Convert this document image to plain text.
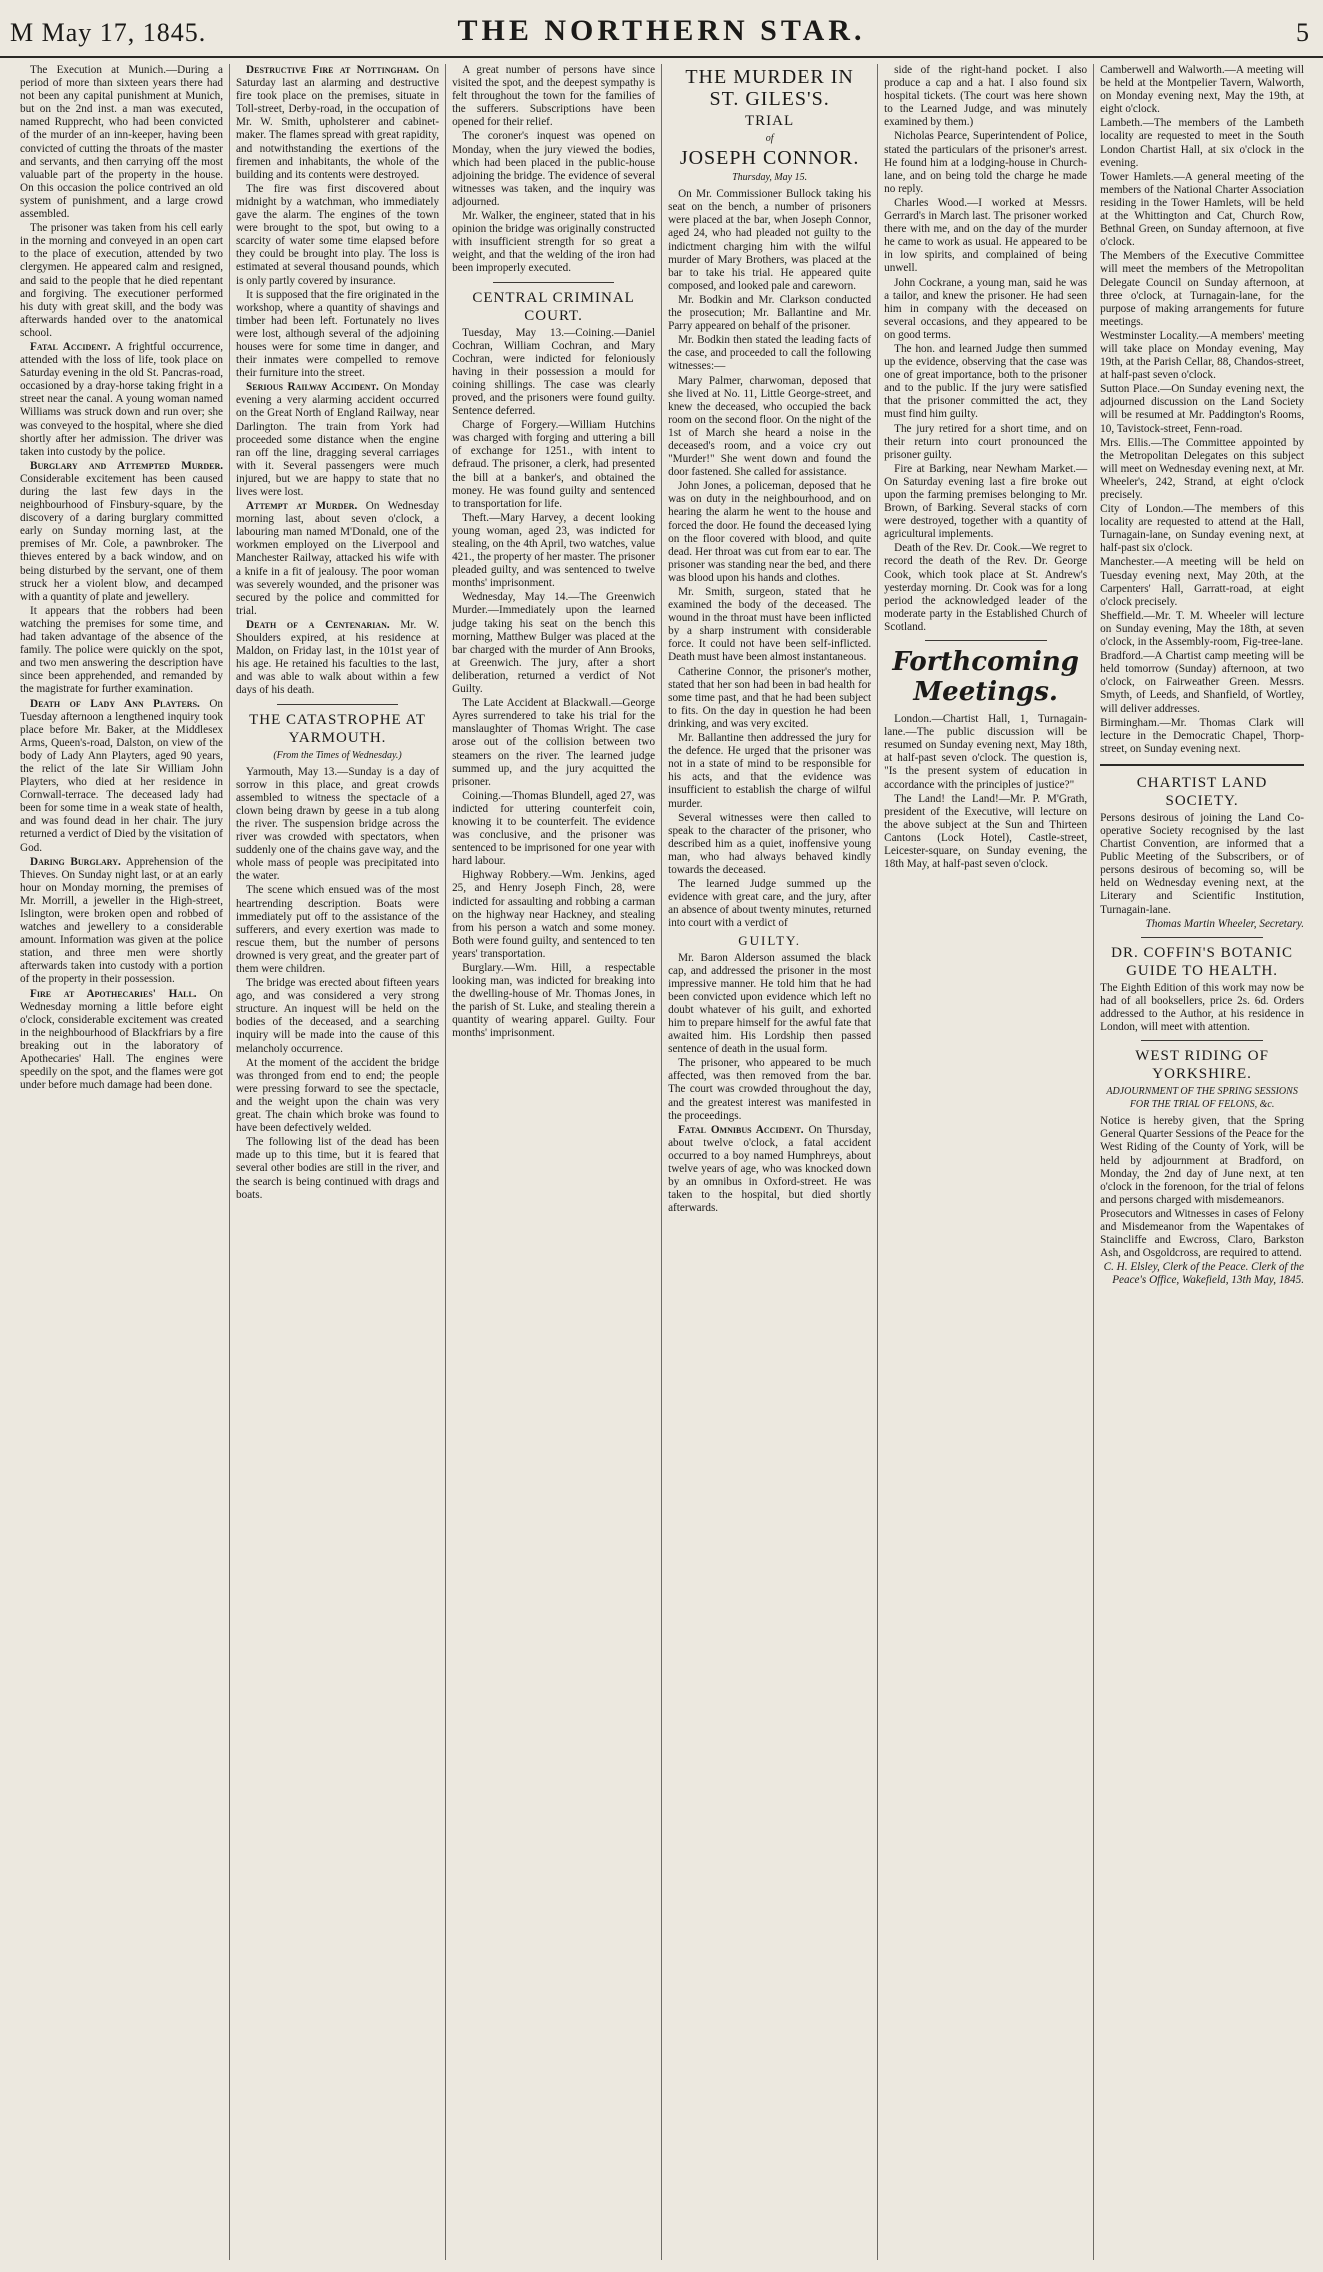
M May 17, 1845.	THE NORTHERN STAR.	5

The Execution at Munich.—During a period of more than sixteen years there had not been any capital punishment at Munich, but on the 2nd inst. a man was executed, named Rupprecht, who had been convicted of the murder of an inn-keeper, having been convicted of cutting the throats of the master and servants, and then carrying off the most valuable part of the property in the house. On this occasion the police contrived an old system of punishment, and a large crowd assembled.

The prisoner was taken from his cell early in the morning and conveyed in an open cart to the place of execution, attended by two clergymen. He appeared calm and resigned, and said to the people that he died repentant and forgiving. The executioner performed his duty with great skill, and the body was afterwards handed over to the anatomical school.

Fatal Accident. A frightful occurrence, attended with the loss of life, took place on Saturday evening in the old St. Pancras-road, occasioned by a dray-horse taking fright in a street near the canal. A young woman named Williams was struck down and run over; she was conveyed to the hospital, where she died shortly after her admission. The driver was taken into custody by the police.

Burglary and Attempted Murder. Considerable excitement has been caused during the last few days in the neighbourhood of Finsbury-square, by the discovery of a daring burglary committed early on Sunday morning last, at the premises of Mr. Cole, a pawnbroker. The thieves entered by a back window, and on being disturbed by the servant, one of them struck her a violent blow, and decamped with a quantity of plate and jewellery.

It appears that the robbers had been watching the premises for some time, and had taken advantage of the absence of the family. The police were quickly on the spot, and two men answering the description have since been apprehended, and remanded by the magistrate for further examination.

Death of Lady Ann Playters. On Tuesday afternoon a lengthened inquiry took place before Mr. Baker, at the Middlesex Arms, Queen's-road, Dalston, on view of the body of Lady Ann Playters, aged 90 years, the relict of the late Sir William John Playters, who died at her residence in Cornwall-terrace. The deceased lady had been for some time in a weak state of health, and was found dead in her chair. The jury returned a verdict of Died by the visitation of God.

Daring Burglary. Apprehension of the Thieves. On Sunday night last, or at an early hour on Monday morning, the premises of Mr. Morrill, a jeweller in the High-street, Islington, were broken open and robbed of watches and jewellery to a considerable amount. Information was given at the police station, and three men were shortly afterwards taken into custody with a portion of the property in their possession.

Fire at Apothecaries' Hall. On Wednesday morning a little before eight o'clock, considerable excitement was created in the neighbourhood of Blackfriars by a fire breaking out in the laboratory of Apothecaries' Hall. The engines were speedily on the spot, and the flames were got under before much damage had been done.

Destructive Fire at Nottingham. On Saturday last an alarming and destructive fire took place on the premises, situate in Toll-street, Derby-road, in the occupation of Mr. W. Smith, upholsterer and cabinet-maker. The flames spread with great rapidity, and notwithstanding the exertions of the firemen and inhabitants, the whole of the building and its contents were destroyed.

The fire was first discovered about midnight by a watchman, who immediately gave the alarm. The engines of the town were brought to the spot, but owing to a scarcity of water some time elapsed before they could be brought into play. The loss is estimated at several thousand pounds, which is only partly covered by insurance.

It is supposed that the fire originated in the workshop, where a quantity of shavings and timber had been left. Fortunately no lives were lost, although several of the adjoining houses were for some time in danger, and their inmates were compelled to remove their furniture into the street.

Serious Railway Accident. On Monday evening a very alarming accident occurred on the Great North of England Railway, near Darlington. The train from York had proceeded some distance when the engine ran off the line, dragging several carriages with it. Several passengers were much injured, but we are happy to state that no lives were lost.

Attempt at Murder. On Wednesday morning last, about seven o'clock, a labouring man named M'Donald, one of the workmen employed on the Liverpool and Manchester Railway, attacked his wife with a knife in a fit of jealousy. The poor woman was severely wounded, and the prisoner was secured by the police and committed for trial.

Death of a Centenarian. Mr. W. Shoulders expired, at his residence at Maldon, on Friday last, in the 101st year of his age. He retained his faculties to the last, and was able to walk about within a few days of his death.

THE CATASTROPHE AT YARMOUTH.
(From the Times of Wednesday.)

Yarmouth, May 13.—Sunday is a day of sorrow in this place, and great crowds assembled to witness the spectacle of a clown being drawn by geese in a tub along the river. The suspension bridge across the river was crowded with spectators, when suddenly one of the chains gave way, and the whole mass of people was precipitated into the water.

The scene which ensued was of the most heartrending description. Boats were immediately put off to the assistance of the sufferers, and every exertion was made to rescue them, but the number of persons drowned is very great, and the greater part of them were children.

The bridge was erected about fifteen years ago, and was considered a very strong structure. An inquest will be held on the bodies of the deceased, and a searching inquiry will be made into the cause of this melancholy occurrence.

At the moment of the accident the bridge was thronged from end to end; the people were pressing forward to see the spectacle, and the weight upon the chain was very great. The chain which broke was found to have been defectively welded.

The following list of the dead has been made up to this time, but it is feared that several other bodies are still in the river, and the search is being continued with drags and boats.

A great number of persons have since visited the spot, and the deepest sympathy is felt throughout the town for the families of the sufferers. Subscriptions have been opened for their relief.

The coroner's inquest was opened on Monday, when the jury viewed the bodies, which had been placed in the public-house adjoining the bridge. The evidence of several witnesses was taken, and the inquiry was adjourned.

Mr. Walker, the engineer, stated that in his opinion the bridge was originally constructed with insufficient strength for so great a weight, and that the welding of the iron had been improperly executed.

CENTRAL CRIMINAL COURT.

Tuesday, May 13.—Coining.—Daniel Cochran, William Cochran, and Mary Cochran, were indicted for feloniously having in their possession a mould for coining shillings. The case was clearly proved, and the prisoners were found guilty. Sentence deferred.

Charge of Forgery.—William Hutchins was charged with forging and uttering a bill of exchange for 1251., with intent to defraud. The prisoner, a clerk, had presented the bill at a banker's, and obtained the money. He was found guilty and sentenced to transportation for life.

Theft.—Mary Harvey, a decent looking young woman, aged 23, was indicted for stealing, on the 4th April, two watches, value 421., the property of her master. The prisoner pleaded guilty, and was sentenced to twelve months' imprisonment.

Wednesday, May 14.—The Greenwich Murder.—Immediately upon the learned judge taking his seat on the bench this morning, Matthew Bulger was placed at the bar charged with the murder of Ann Brooks, at Greenwich. The jury, after a short deliberation, returned a verdict of Not Guilty.

The Late Accident at Blackwall.—George Ayres surrendered to take his trial for the manslaughter of Thomas Wright. The case arose out of the collision between two steamers on the river. The learned judge summed up, and the jury acquitted the prisoner.

Coining.—Thomas Blundell, aged 27, was indicted for uttering counterfeit coin, knowing it to be counterfeit. The evidence was conclusive, and the prisoner was sentenced to be imprisoned for one year with hard labour.

Highway Robbery.—Wm. Jenkins, aged 25, and Henry Joseph Finch, 28, were indicted for assaulting and robbing a carman on the highway near Hackney, and stealing from his person a watch and some money. Both were found guilty, and sentenced to ten years' transportation.

Burglary.—Wm. Hill, a respectable looking man, was indicted for breaking into the dwelling-house of Mr. Thomas Jones, in the parish of St. Luke, and stealing therein a quantity of wearing apparel. Guilty. Four months' imprisonment.

THE MURDER IN ST. GILES'S.
TRIAL
of
JOSEPH CONNOR.
Thursday, May 15.

On Mr. Commissioner Bullock taking his seat on the bench, a number of prisoners were placed at the bar, when Joseph Connor, aged 24, who had pleaded not guilty to the indictment charging him with the wilful murder of Mary Brothers, was placed at the bar to take his trial. He appeared quite composed, and looked pale and careworn.

Mr. Bodkin and Mr. Clarkson conducted the prosecution; Mr. Ballantine and Mr. Parry appeared on behalf of the prisoner.

Mr. Bodkin then stated the leading facts of the case, and proceeded to call the following witnesses:—

Mary Palmer, charwoman, deposed that she lived at No. 11, Little George-street, and knew the deceased, who occupied the back room on the second floor. On the night of the 1st of March she heard a noise in the deceased's room, and a voice cry out "Murder!" She went down and found the door fastened. She called for assistance.

John Jones, a policeman, deposed that he was on duty in the neighbourhood, and on hearing the alarm he went to the house and forced the door. He found the deceased lying on the floor covered with blood, and quite dead. Her throat was cut from ear to ear. The prisoner was standing near the bed, and there was blood upon his hands and clothes.

Mr. Smith, surgeon, stated that he examined the body of the deceased. The wound in the throat must have been inflicted by a sharp instrument with considerable force. It could not have been self-inflicted. Death must have been almost instantaneous.

Catherine Connor, the prisoner's mother, stated that her son had been in bad health for some time past, and that he had been subject to fits. On the day in question he had been drinking, and was very excited.

Mr. Ballantine then addressed the jury for the defence. He urged that the prisoner was not in a state of mind to be responsible for his acts, and that the evidence was insufficient to establish the charge of wilful murder.

Several witnesses were then called to speak to the character of the prisoner, who described him as a quiet, inoffensive young man, who had always behaved kindly towards the deceased.

The learned Judge summed up the evidence with great care, and the jury, after an absence of about twenty minutes, returned into court with a verdict of

GUILTY.

Mr. Baron Alderson assumed the black cap, and addressed the prisoner in the most impressive manner. He told him that he had been convicted upon evidence which left no doubt whatever of his guilt, and exhorted him to prepare himself for the awful fate that awaited him. His Lordship then passed sentence of death in the usual form.

The prisoner, who appeared to be much affected, was then removed from the bar. The court was crowded throughout the day, and the greatest interest was manifested in the proceedings.

Fatal Omnibus Accident. On Thursday, about twelve o'clock, a fatal accident occurred to a boy named Humphreys, about twelve years of age, who was knocked down by an omnibus in Oxford-street. He was taken to the hospital, but died shortly afterwards.

side of the right-hand pocket. I also produce a cap and a hat. I also found six hospital tickets. (The court was here shown to the Learned Judge, and was minutely examined by them.)

Nicholas Pearce, Superintendent of Police, stated the particulars of the prisoner's arrest. He found him at a lodging-house in Church-lane, and on being told the charge he made no reply.

Charles Wood.—I worked at Messrs. Gerrard's in March last. The prisoner worked there with me, and on the day of the murder he came to work as usual. He appeared to be in low spirits, and complained of being unwell.

John Cockrane, a young man, said he was a tailor, and knew the prisoner. He had seen him in company with the deceased on several occasions, and they appeared to be on good terms.

The hon. and learned Judge then summed up the evidence, observing that the case was one of great importance, both to the prisoner and to the public. If the jury were satisfied that the prisoner committed the act, they must find him guilty.

The jury retired for a short time, and on their return into court pronounced the prisoner guilty.

Fire at Barking, near Newham Market.—On Saturday evening last a fire broke out upon the farming premises belonging to Mr. Brown, of Barking. Several stacks of corn were destroyed, together with a quantity of agricultural implements.

Death of the Rev. Dr. Cook.—We regret to record the death of the Rev. Dr. George Cook, which took place at St. Andrew's yesterday morning. Dr. Cook was for a long period the acknowledged leader of the moderate party in the Established Church of Scotland.

Forthcoming Meetings.

London.—Chartist Hall, 1, Turnagain-lane.—The public discussion will be resumed on Sunday evening next, May 18th, at half-past seven o'clock. The question is, "Is the present system of education in accordance with the principles of justice?"

The Land! the Land!—Mr. P. M'Grath, president of the Executive, will lecture on the above subject at the Sun and Thirteen Cantons (Lock Hotel), Castle-street, Leicester-square, on Sunday evening, the 18th May, at half-past seven o'clock.

Camberwell and Walworth.—A meeting will be held at the Montpelier Tavern, Walworth, on Monday evening next, May the 19th, at eight o'clock.

Lambeth.—The members of the Lambeth locality are requested to meet in the South London Chartist Hall, at six o'clock in the evening.

Tower Hamlets.—A general meeting of the members of the National Charter Association residing in the Tower Hamlets, will be held at the Whittington and Cat, Church Row, Bethnal Green, on Sunday afternoon, at five o'clock.

The Members of the Executive Committee will meet the members of the Metropolitan Delegate Council on Sunday afternoon, at three o'clock, at Turnagain-lane, for the purpose of making arrangements for future meetings.

Westminster Locality.—A members' meeting will take place on Monday evening, May 19th, at the Parish Cellar, 88, Chandos-street, at half-past seven o'clock.

Sutton Place.—On Sunday evening next, the adjourned discussion on the Land Society will be resumed at Mr. Paddington's Rooms, 10, Tavistock-street, Fenn-road.

Mrs. Ellis.—The Committee appointed by the Metropolitan Delegates on this subject will meet on Wednesday evening next, at Mr. Wheeler's, 242, Strand, at eight o'clock precisely.

City of London.—The members of this locality are requested to attend at the Hall, Turnagain-lane, on Sunday evening next, at half-past six o'clock.

Manchester.—A meeting will be held on Tuesday evening next, May 20th, at the Carpenters' Hall, Garratt-road, at eight o'clock precisely.

Sheffield.—Mr. T. M. Wheeler will lecture on Sunday evening, May the 18th, at seven o'clock, in the Assembly-room, Fig-tree-lane.

Bradford.—A Chartist camp meeting will be held tomorrow (Sunday) afternoon, at two o'clock, on Fairweather Green. Messrs. Smyth, of Leeds, and Shanfield, of Wortley, will deliver addresses.

Birmingham.—Mr. Thomas Clark will lecture in the Democratic Chapel, Thorp-street, on Sunday evening next.

CHARTIST LAND SOCIETY.

Persons desirous of joining the Land Co-operative Society recognised by the last Chartist Convention, are informed that a Public Meeting of the Subscribers, or of persons desirous of becoming so, will be held on Wednesday evening next, at the Literary and Scientific Institution, Turnagain-lane.

Thomas Martin Wheeler, Secretary.

DR. COFFIN'S BOTANIC GUIDE TO HEALTH.

The Eighth Edition of this work may now be had of all booksellers, price 2s. 6d. Orders addressed to the Author, at his residence in London, will meet with attention.

WEST RIDING OF YORKSHIRE.
ADJOURNMENT OF THE SPRING SESSIONS FOR THE TRIAL OF FELONS, &c.

Notice is hereby given, that the Spring General Quarter Sessions of the Peace for the West Riding of the County of York, will be held by adjournment at Bradford, on Monday, the 2nd day of June next, at ten o'clock in the forenoon, for the trial of felons and persons charged with misdemeanors.

Prosecutors and Witnesses in cases of Felony and Misdemeanor from the Wapentakes of Staincliffe and Ewcross, Claro, Barkston Ash, and Osgoldcross, are required to attend.

C. H. Elsley, Clerk of the Peace. Clerk of the Peace's Office, Wakefield, 13th May, 1845.
